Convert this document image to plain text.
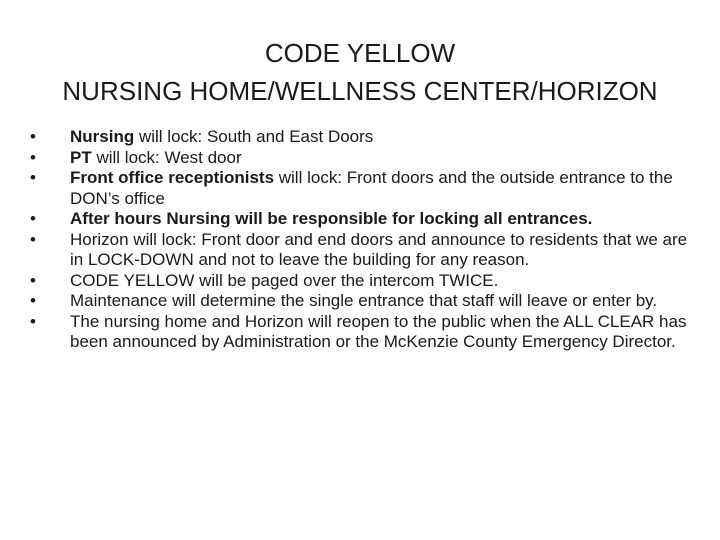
CODE YELLOW
NURSING HOME/WELLNESS CENTER/HORIZON
•	Nursing will lock: South and East Doors
•	PT will lock: West door
•	Front office receptionists will lock: Front doors and the outside entrance to the DON’s office
•	After hours Nursing will be responsible for locking all entrances.
•	Horizon will lock: Front door and end doors and announce to residents that we are in LOCK-DOWN and not to leave the building for any reason.
•	CODE YELLOW will be paged over the intercom TWICE.
•	Maintenance will determine the single entrance that staff will leave or enter by.
•	The nursing home and Horizon will reopen to the public when the ALL CLEAR has been announced by Administration or the McKenzie County Emergency Director.
